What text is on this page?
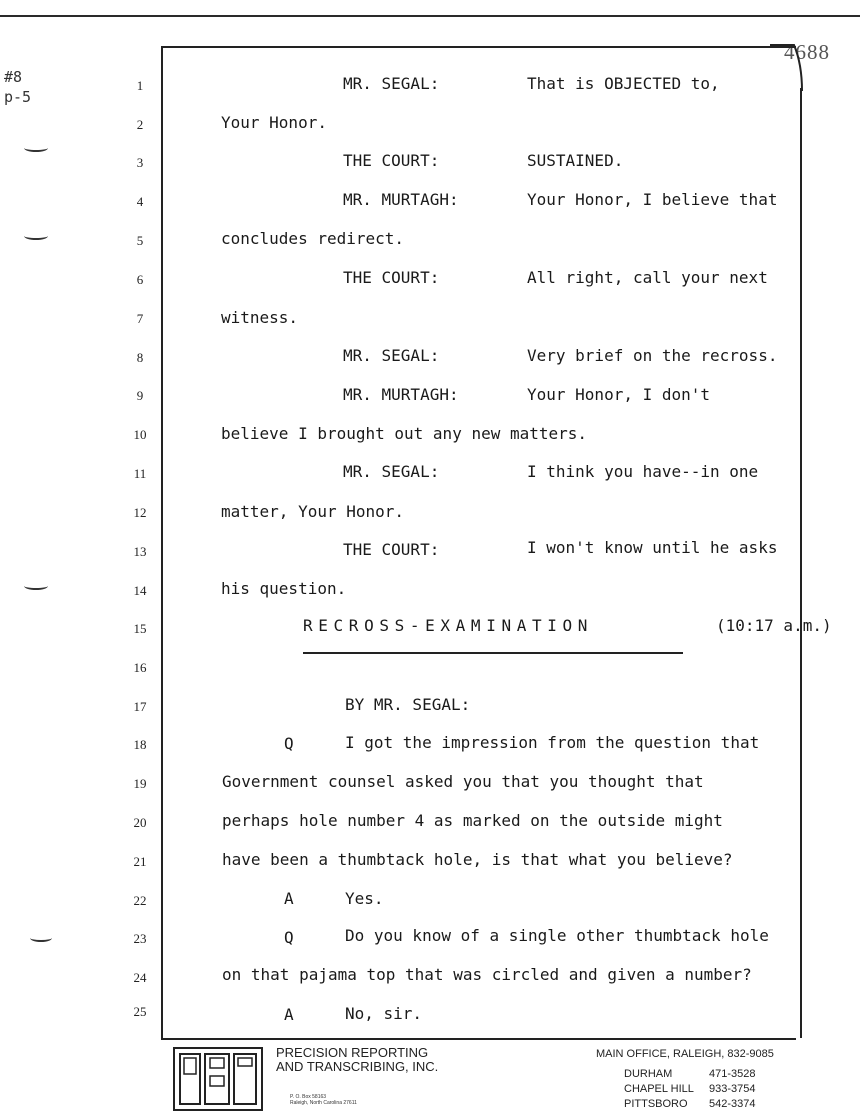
4688
#8
p-5
1	MR. SEGAL:	That is OBJECTED to,
2	Your Honor.
3	THE COURT:	SUSTAINED.
4	MR. MURTAGH:	Your Honor, I believe that
5	concludes redirect.
6	THE COURT:	All right, call your next
7	witness.
8	MR. SEGAL:	Very brief on the recross.
9	MR. MURTAGH:	Your Honor, I don't
10	believe I brought out any new matters.
11	MR. SEGAL:	I think you have--in one
12	matter, Your Honor.
13	THE COURT:	I won't know until he asks
14	his question.
15	R E C R O S S - E X A M I N A T I O N	(10:17 a.m.)
16
17	BY MR. SEGAL:
18	Q	I got the impression from the question that
19	Government counsel asked you that you thought that
20	perhaps hole number 4 as marked on the outside might
21	have been a thumbtack hole, is that what you believe?
22	A	Yes.
23	Q	Do you know of a single other thumbtack hole
24	on that pajama top that was circled and given a number?
25	A	No, sir.
PRECISION REPORTING
AND TRANSCRIBING, INC.
P. O. Box 58163
Raleigh, North Carolina 27611
MAIN OFFICE, RALEIGH, 832-9085
DURHAM	471-3528
CHAPEL HILL 933-3754
PITTSBORO 542-3374
